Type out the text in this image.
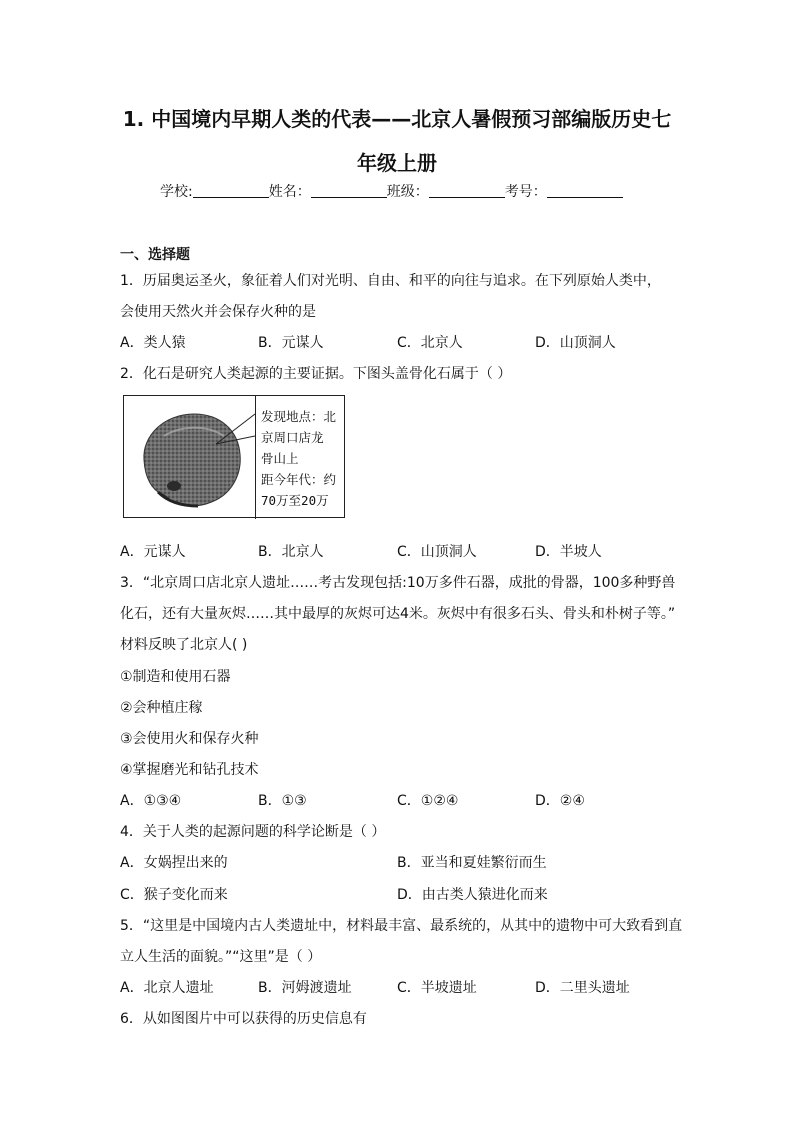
1. 中国境内早期人类的代表——北京人暑假预习部编版历史七
年级上册
学校:	姓名：	班级：	考号：
一、选择题
1．历届奥运圣火，象征着人们对光明、自由、和平的向往与追求。在下列原始人类中，
会使用天然火并会保存火种的是
A．类人猿	B．元谋人	C．北京人	D．山顶洞人
2．化石是研究人类起源的主要证据。下图头盖骨化石属于（ ）
发现地点：北
京周口店龙
骨山上
距今年代：约
70万至20万
A．元谋人	B．北京人	C．山顶洞人	D．半坡人
3．“北京周口店北京人遗址……考古发现包括:10万多件石器，成批的骨器，100多种野兽
化石，还有大量灰烬……其中最厚的灰烬可达4米。灰烬中有很多石头、骨头和朴树子等。”
材料反映了北京人( )
①制造和使用石器
②会种植庄稼
③会使用火和保存火种
④掌握磨光和钻孔技术
A．①③④	B．①③	C．①②④	D．②④
4．关于人类的起源问题的科学论断是（ ）
A．女娲捏出来的	B．亚当和夏娃繁衍而生
C．猴子变化而来	D．由古类人猿进化而来
5．“这里是中国境内古人类遗址中，材料最丰富、最系统的，从其中的遗物中可大致看到直
立人生活的面貌。”“这里”是（ ）
A．北京人遗址	B．河姆渡遗址	C．半坡遗址	D．二里头遗址
6．从如图图片中可以获得的历史信息有
